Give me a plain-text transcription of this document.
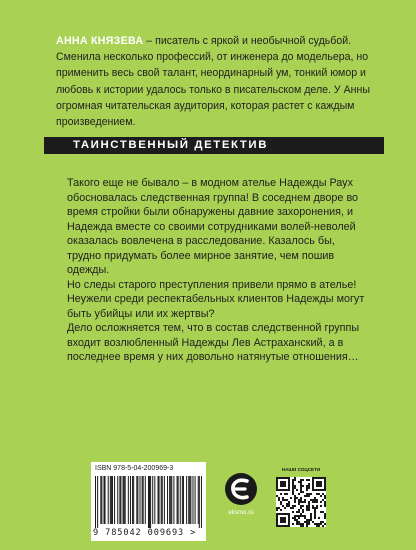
АННА КНЯЗЕВА – писатель с яркой и необычной судьбой. Сменила несколько профессий, от инженера до модельера, но применить весь свой талант, неординарный ум, тонкий юмор и любовь к истории удалось только в писательском деле. У Анны огромная читательская аудитория, которая растет с каждым произведением.
ТАИНСТВЕННЫЙ ДЕТЕКТИВ

Такого еще не бывало – в модном ателье Надежды Раух обосновалась следственная группа! В соседнем дворе во время стройки были обнаружены давние захоронения, и Надежда вместе со своими сотрудниками волей-неволей оказалась вовлечена в расследование. Казалось бы, трудно придумать более мирное занятие, чем пошив одежды.

Но следы старого преступления привели прямо в ателье! Неужели среди респектабельных клиентов Надежды могут быть убийцы или их жертвы?

Дело осложняется тем, что в состав следственной группы входит возлюбленный Надежды Лев Астраханский, а в последнее время у них довольно натянутые отношения…

ISBN 978-5-04-200969-3
9 785042 009693 >
eksmo.ru
НАШИ СОЦСЕТИ
